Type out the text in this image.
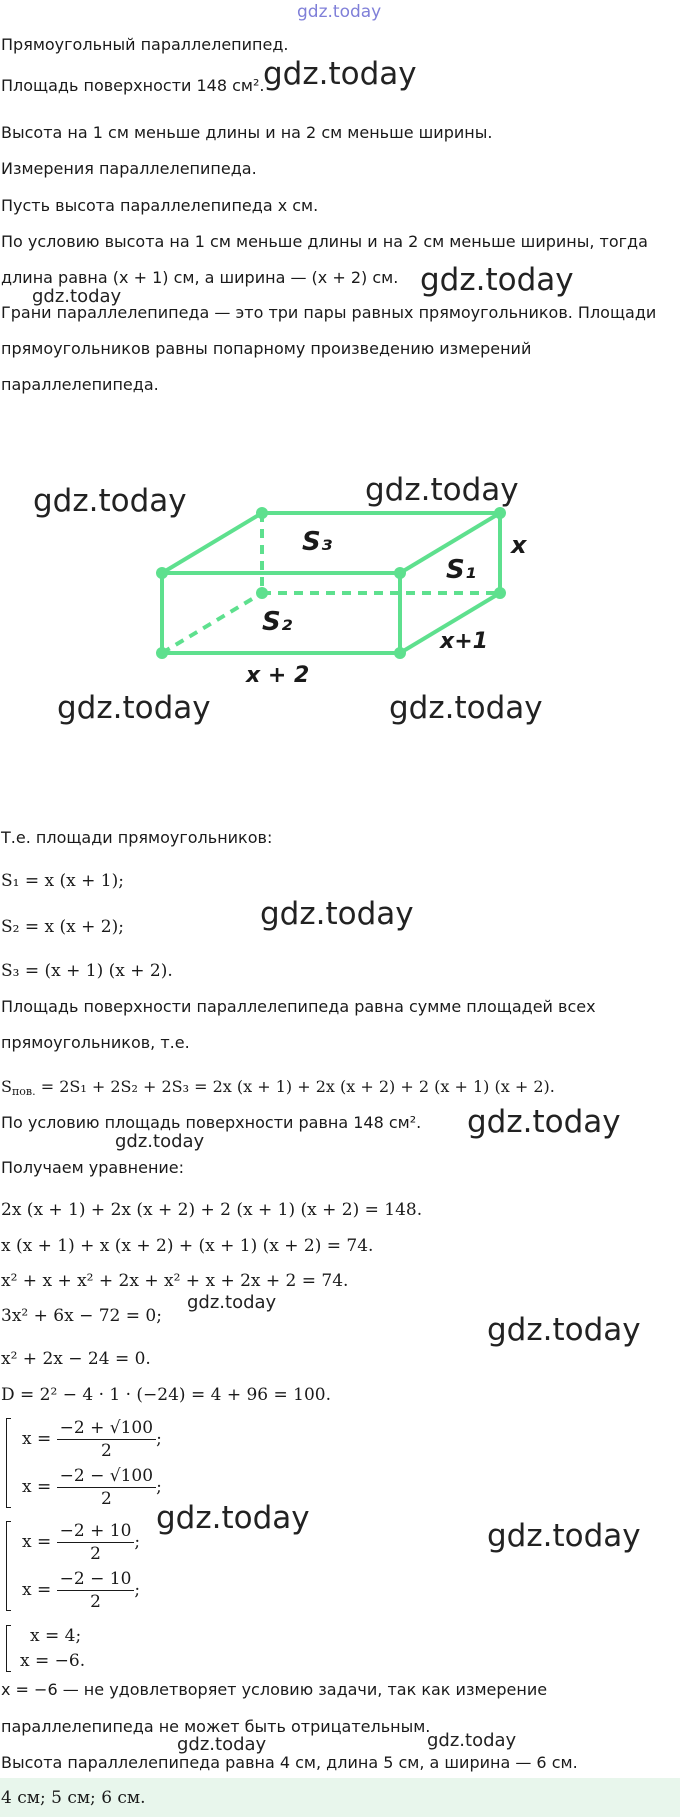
gdz.today
Прямоугольный параллелепипед.
Площадь поверхности 148 см².
gdz.today
Высота на 1 см меньше длины и на 2 см меньше ширины.
Измерения параллелепипеда.
Пусть высота параллелепипеда x см.
По условию высота на 1 см меньше длины и на 2 см меньше ширины, тогда
длина равна (x + 1) см, а ширина — (x + 2) см. gdz.today
gdz.today
Грани параллелепипеда — это три пары равных прямоугольников. Площади
прямоугольников равны попарному произведению измерений
параллелепипеда.
S₃
S₁
S₂
x
x+1
x + 2
gdz.today	gdz.today
gdz.today	gdz.today
Т.е. площади прямоугольников:
S₁ = x (x + 1);
S₂ = x (x + 2);	gdz.today
S₃ = (x + 1) (x + 2).
Площадь поверхности параллелепипеда равна сумме площадей всех
прямоугольников, т.е.
$S_{пов.} = 2S_1 + 2S_2 + 2S_3 = 2x$ (x + 1) + 2x (x + 2) + 2 (x + 1) (x + 2).
По условию площадь поверхности равна 148 см². gdz.today
gdz.today
Получаем уравнение:
2x (x + 1) + 2x (x + 2) + 2 (x + 1) (x + 2) = 148.
x (x + 1) + x (x + 2) + (x + 1) (x + 2) = 74.
x² + x + x² + 2x + x² + x + 2x + 2 = 74.
3x² + 6x − 72 = 0;
gdz.today
gdz.today
x² + 2x − 24 = 0.
D = 2² − 4 · 1 · (−24) = 4 + 96 = 100.
$x = \frac{-2 + √100}{2}$ ;
$x = \frac{-2 - √100}{2}$ ;
$x = \frac{-2 + 10}{2}$ ;
$x = \frac{-2 - 10}{2}$ ;
gdz.today	gdz.today
x = 4;
x = −6.
x = −6 — не удовлетворяет условию задачи, так как измерение
параллелепипеда не может быть отрицательным.
gdz.today	gdz.today
Высота параллелепипеда равна 4 см, длина 5 см, а ширина — 6 см.
4 см; 5 см; 6 см.
